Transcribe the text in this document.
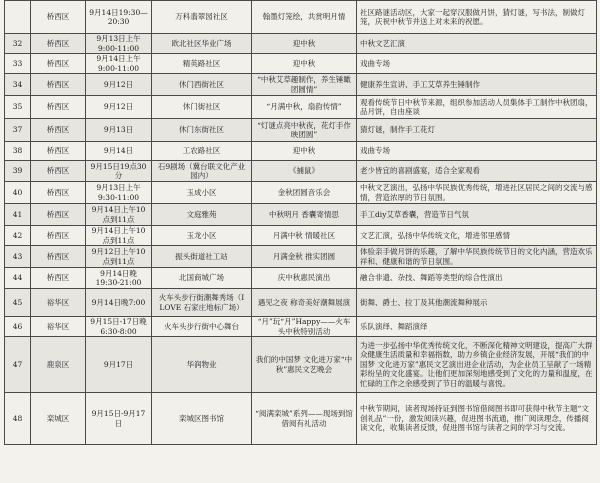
	桥西区	9月14日19:30—20:30	万科翡翠园社区	翰墨灯笼绘，共赏明月情	社区路谜活动区，大家一起穿汉服做月饼，猜灯谜，写书法，制做灯笼，庆祝中秋节并送上对未来的祝愿。
32	桥西区	9月13日上午9:00-11:00	欧北社区华业广场	迎中秋	中秋文艺汇演
33	桥西区	9月14日上午9:00-11:00	精英路社区	迎中秋	戏曲专场
34	桥西区	9月12日	休门西街社区	“中秋艾草趣制作，养生锤瞰团圆情”	健康养生宣讲、手工艾草养生锤制作
35	桥西区	9月12日	休门街社区	“月满中秋，扇韵传情”	观看传统节日中秋节来源，组织参加活动人员集体手工制作中秋团扇，品月饼，自由座谈
37	桥西区	9月13日	休门东街社区	“灯谜点亮中秋夜，花灯手作映团圆”	猜灯谜，制作手工花灯
38	桥西区	9月14日	工农路社区	迎中秋	戏曲专场
39	桥西区	9月15日19点30分	石9剧场（冀台联文化产业园内）	《捕鼠》	老少皆宜的喜剧盛宴，适合全家观看
40	桥西区	9月13日上午9:30-11:00	玉成小区	金秋团圆音乐会	中秋文艺演出，弘扬中华民族优秀传统，增进社区居民之间的交流与感情，营造浓厚的节日氛围。
41	桥西区	9月14日上午10点到11点	文庭雅苑	中秋明月 香囊寄情思	手工diy艾草香囊，营造节日气氛
42	桥西区	9月14日上午10点到11点	玉龙小区	月满中秋 情暖社区	文艺汇演，弘扬中华传统文化，增进邻里感情
43	桥西区	9月12日上午10点到11点	振头街道社工站	月满金秋 推实团圆	体验亲手做月饼的乐趣，了解中华民族传统节日的文化内涵，营造欢乐祥和、健康和谐的节日氛围。
44	桥西区	9月14日晚19:30-21:00	北国商城广场	庆中秋惠民演出	融合非遗、杂技、舞蹈等类型的综合性演出
45	裕华区	9月14日晚7:00	火车头步行街潮舞秀场（I LOVE 石家庄地标广场）	遇见之夜 称奇美好潮舞展演	街舞、爵士、拉丁及其他潮流舞种展示
46	裕华区	9月15日-17日晚6:30-8:00	火车头步行街中心舞台	“月”玩“月”Happy——火车头中秋特别活动	乐队演绎、舞蹈演绎
47	鹿泉区	9月17日	华润物业	我们的中国梦 文化进万家“中秋”惠民文艺晚会	为进一步弘扬中华优秀传统文化，不断深化精神文明建设，提高广大群众健康生活质量和幸福指数，助力乡镇企业经济发展，开展“我们的中国梦 文化进万家”惠民文艺演出进企业活动，为企业员工呈献了一场精彩纷呈的文化盛宴。让他们更加深刻地感受到了文化的力量和温度，在忙碌的工作之余感受到了节日的温暖与喜悦。
48	栾城区	9月15日-9月17日	栾城区图书馆	“阅满栾城”系列——现场到馆借阅有礼活动	中秋节期间，读者现场持证到图书馆借阅图书即可获得中秋节主题“文创礼品”一份，激发阅读兴趣，促进图书流通，推广阅读理念，传播阅读文化，收集读者反馈，促进图书馆与读者之间的学习与交流。
